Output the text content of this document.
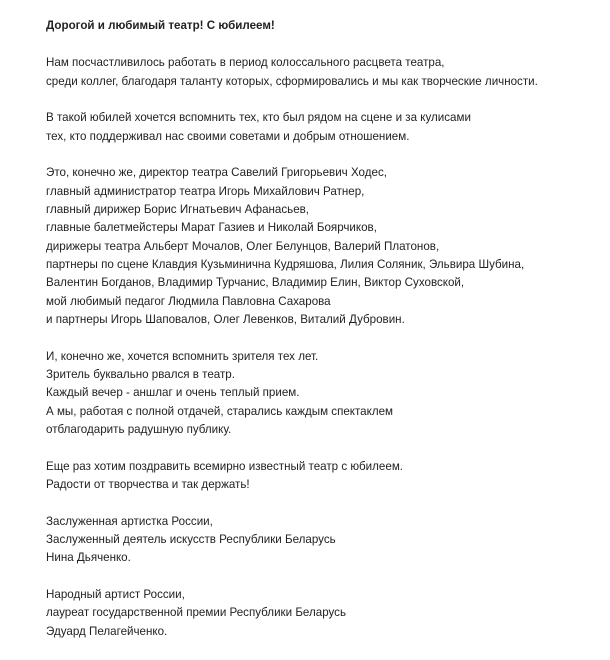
Дорогой и любимый театр! С юбилеем!
Нам посчастливилось работать в период колоссального расцвета театра,
среди коллег, благодаря таланту которых, сформировались и мы как творческие личности.
В такой юбилей хочется вспомнить тех, кто был рядом на сцене и за кулисами
тех, кто поддерживал нас своими советами и добрым отношением.
Это, конечно же, директор театра Савелий Григорьевич Ходес,
главный администратор театра Игорь Михайлович Ратнер,
главный дирижер Борис Игнатьевич Афанасьев,
главные балетмейстеры Марат Газиев и Николай Боярчиков,
дирижеры театра Альберт Мочалов, Олег Белунцов, Валерий Платонов,
партнеры по сцене Клавдия Кузьминична Кудряшова, Лилия Соляник, Эльвира Шубина,
Валентин Богданов, Владимир Турчанис, Владимир Елин, Виктор Суховской,
мой любимый педагог Людмила Павловна Сахарова
и партнеры Игорь Шаповалов, Олег Левенков, Виталий Дубровин.
И, конечно же, хочется вспомнить зрителя тех лет.
Зритель буквально рвался в театр.
Каждый вечер - аншлаг и очень теплый прием.
А мы, работая с полной отдачей, старались каждым спектаклем
отблагодарить радушную публику.
Еще раз хотим поздравить всемирно известный театр с юбилеем.
Радости от творчества и так держать!
Заслуженная артистка России,
Заслуженный деятель искусств Республики Беларусь
Нина Дьяченко.
Народный артист России,
лауреат государственной премии Республики Беларусь
Эдуард Пелагейченко.
